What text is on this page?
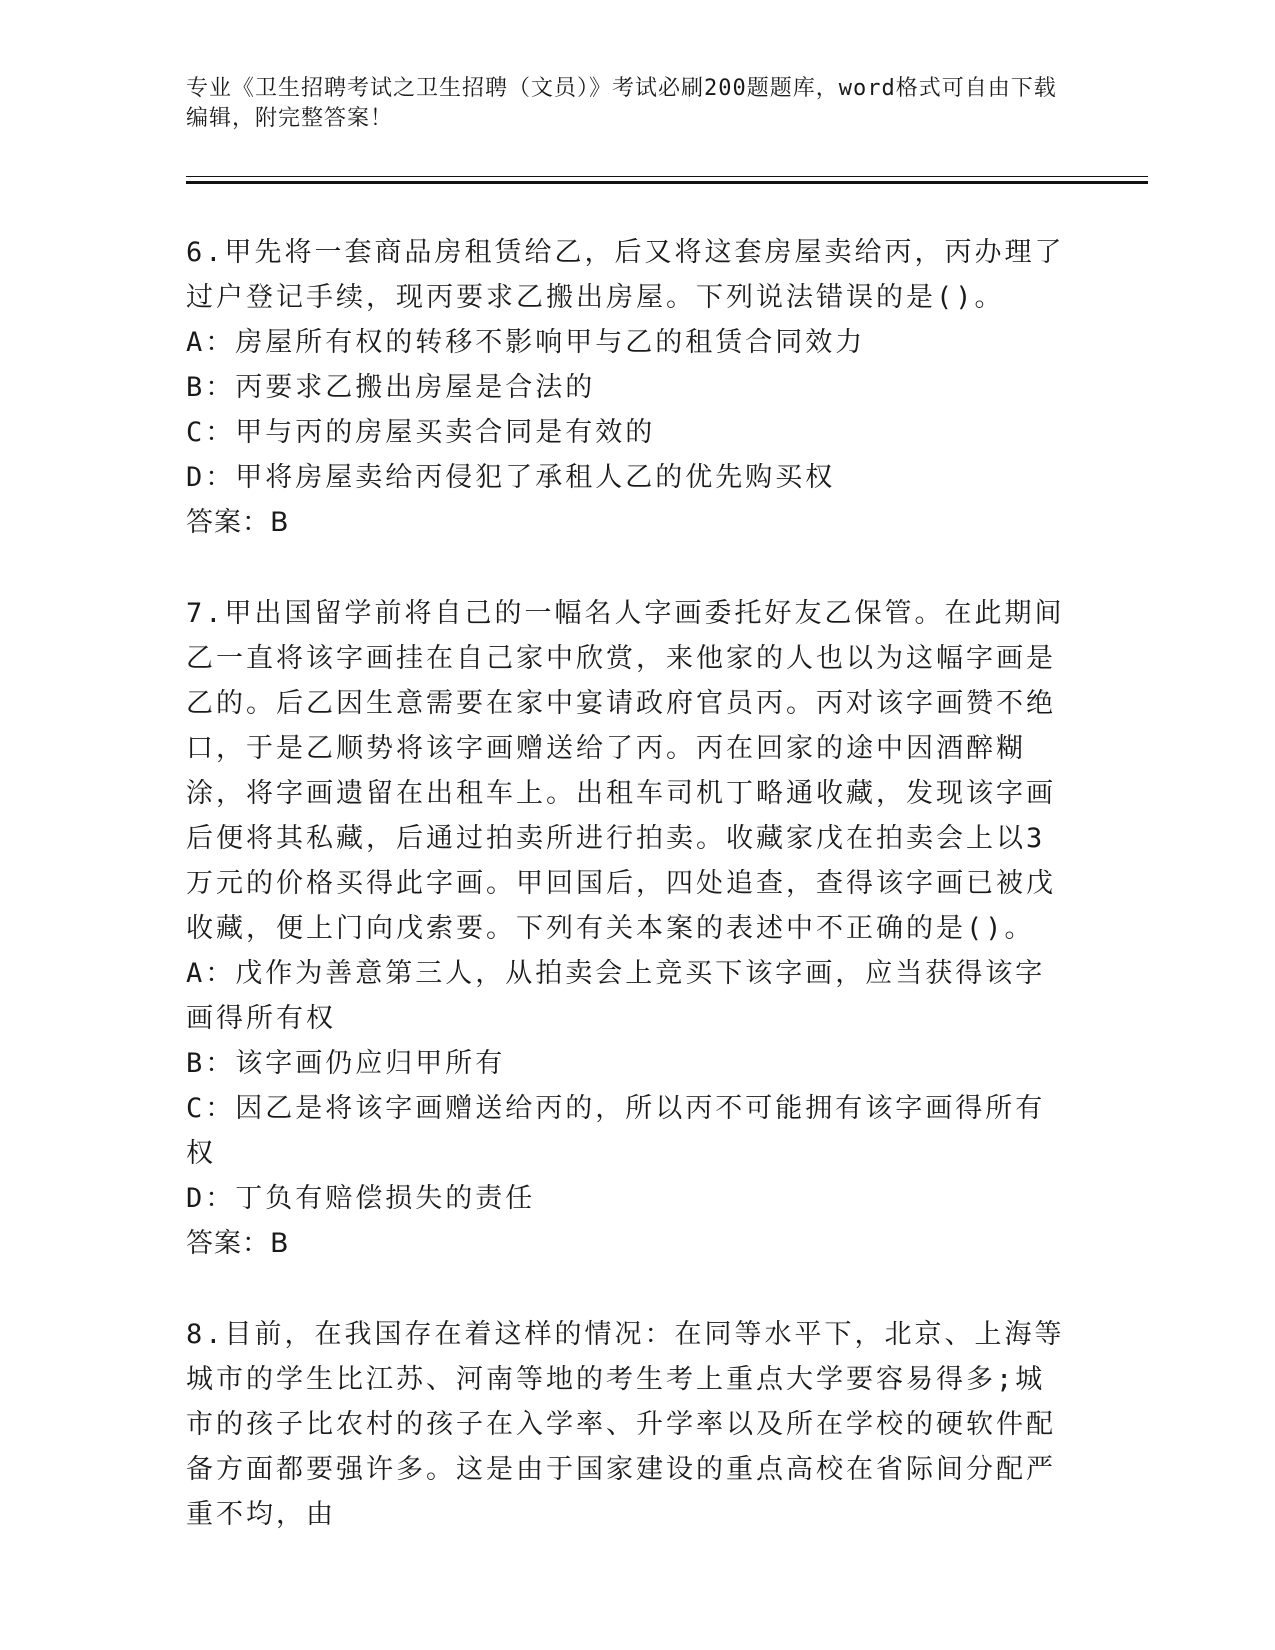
专业《卫生招聘考试之卫生招聘（文员）》考试必刷200题题库，word格式可自由下载编辑，附完整答案！

6.甲先将一套商品房租赁给乙，后又将这套房屋卖给丙，丙办理了过户登记手续，现丙要求乙搬出房屋。下列说法错误的是()。

A：房屋所有权的转移不影响甲与乙的租赁合同效力

B：丙要求乙搬出房屋是合法的

C：甲与丙的房屋买卖合同是有效的

D：甲将房屋卖给丙侵犯了承租人乙的优先购买权

答案：B

7.甲出国留学前将自己的一幅名人字画委托好友乙保管。在此期间乙一直将该字画挂在自己家中欣赏，来他家的人也以为这幅字画是乙的。后乙因生意需要在家中宴请政府官员丙。丙对该字画赞不绝口，于是乙顺势将该字画赠送给了丙。丙在回家的途中因酒醉糊涂，将字画遗留在出租车上。出租车司机丁略通收藏，发现该字画后便将其私藏，后通过拍卖所进行拍卖。收藏家戊在拍卖会上以3万元的价格买得此字画。甲回国后，四处追查，查得该字画已被戊收藏，便上门向戊索要。下列有关本案的表述中不正确的是()。

A：戊作为善意第三人，从拍卖会上竞买下该字画，应当获得该字画得所有权

B：该字画仍应归甲所有

C：因乙是将该字画赠送给丙的，所以丙不可能拥有该字画得所有权

D：丁负有赔偿损失的责任

答案：B

8.目前，在我国存在着这样的情况：在同等水平下，北京、上海等城市的学生比江苏、河南等地的考生考上重点大学要容易得多;城市的孩子比农村的孩子在入学率、升学率以及所在学校的硬软件配备方面都要强许多。这是由于国家建设的重点高校在省际间分配严重不均，由
